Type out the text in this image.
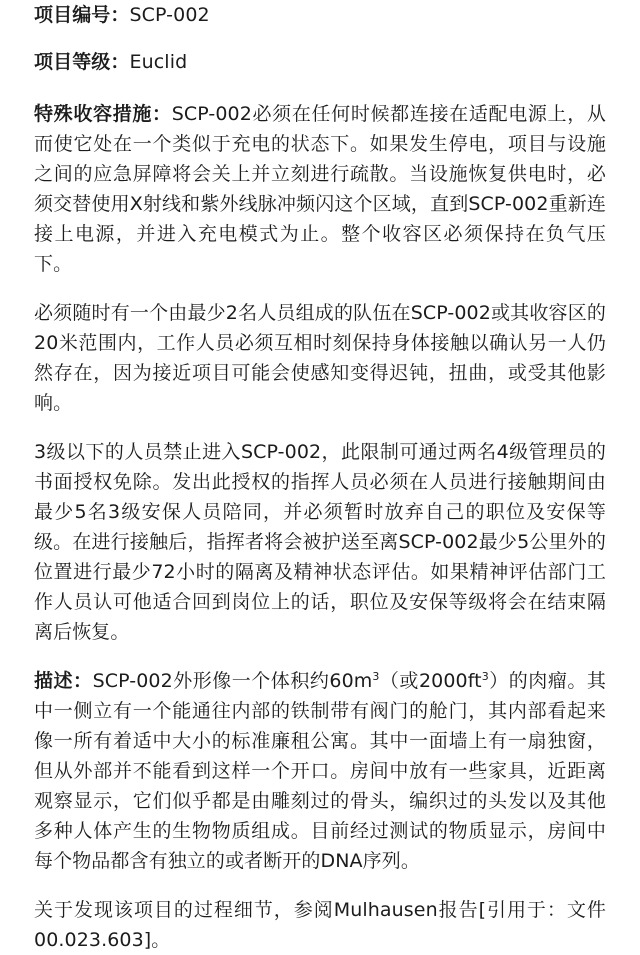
项目编号：SCP-002

项目等级：Euclid

特殊收容措施：SCP-002必须在任何时候都连接在适配电源上，从而使它处在一个类似于充电的状态下。如果发生停电，项目与设施之间的应急屏障将会关上并立刻进行疏散。当设施恢复供电时，必须交替使用X射线和紫外线脉冲频闪这个区域，直到SCP-002重新连接上电源，并进入充电模式为止。整个收容区必须保持在负气压下。

必须随时有一个由最少2名人员组成的队伍在SCP-002或其收容区的20米范围内，工作人员必须互相时刻保持身体接触以确认另一人仍然存在，因为接近项目可能会使感知变得迟钝，扭曲，或受其他影响。

3级以下的人员禁止进入SCP-002，此限制可通过两名4级管理员的书面授权免除。发出此授权的指挥人员必须在人员进行接触期间由最少5名3级安保人员陪同，并必须暂时放弃自己的职位及安保等级。在进行接触后，指挥者将会被护送至离SCP-002最少5公里外的位置进行最少72小时的隔离及精神状态评估。如果精神评估部门工作人员认可他适合回到岗位上的话，职位及安保等级将会在结束隔离后恢复。

描述：SCP-002外形像一个体积约$60m^3$（或$2000ft^3$）的肉瘤。其中一侧立有一个能通往内部的铁制带有阀门的舱门，其内部看起来像一所有着适中大小的标准廉租公寓。其中一面墙上有一扇独窗，但从外部并不能看到这样一个开口。房间中放有一些家具，近距离观察显示，它们似乎都是由雕刻过的骨头，编织过的头发以及其他多种人体产生的生物物质组成。目前经过测试的物质显示，房间中每个物品都含有独立的或者断开的DNA序列。

关于发现该项目的过程细节，参阅Mulhausen报告[引用于：文件00.023.603]。
